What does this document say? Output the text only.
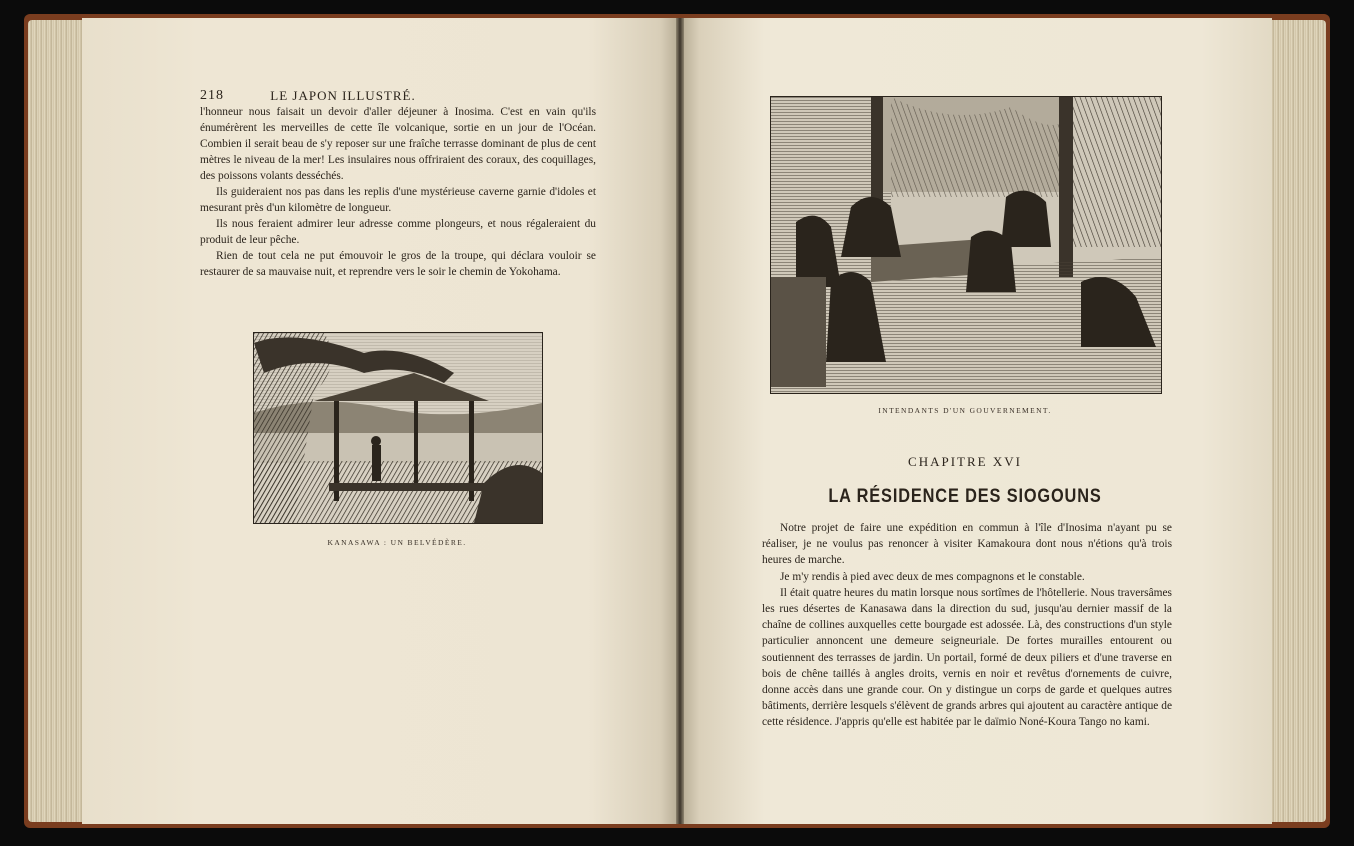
218	LE JAPON ILLUSTRÉ.

l'honneur nous faisait un devoir d'aller déjeuner à Inosima. C'est en vain qu'ils énumérèrent les merveilles de cette île volcanique, sortie en un jour de l'Océan. Combien il serait beau de s'y reposer sur une fraîche terrasse dominant de plus de cent mètres le niveau de la mer! Les insulaires nous offriraient des coraux, des coquillages, des poissons volants desséchés.

Ils guideraient nos pas dans les replis d'une mystérieuse caverne garnie d'idoles et mesurant près d'un kilomètre de longueur.

Ils nous feraient admirer leur adresse comme plongeurs, et nous régaleraient du produit de leur pêche.

Rien de tout cela ne put émouvoir le gros de la troupe, qui déclara vouloir se restaurer de sa mauvaise nuit, et reprendre vers le soir le chemin de Yokohama.

KANASAWA : UN BELVÉDÈRE.
INTENDANTS D'UN GOUVERNEMENT.
CHAPITRE XVI
LA RÉSIDENCE DES SIOGOUNS

Notre projet de faire une expédition en commun à l'île d'Inosima n'ayant pu se réaliser, je ne voulus pas renoncer à visiter Kamakoura dont nous n'étions qu'à trois heures de marche.

Je m'y rendis à pied avec deux de mes compagnons et le constable.

Il était quatre heures du matin lorsque nous sortîmes de l'hôtellerie. Nous traversâmes les rues désertes de Kanasawa dans la direction du sud, jusqu'au dernier massif de la chaîne de collines auxquelles cette bourgade est adossée. Là, des constructions d'un style particulier annoncent une demeure seigneuriale. De fortes murailles entourent ou soutiennent des terrasses de jardin. Un portail, formé de deux piliers et d'une traverse en bois de chêne taillés à angles droits, vernis en noir et revêtus d'ornements de cuivre, donne accès dans une grande cour. On y distingue un corps de garde et quelques autres bâtiments, derrière lesquels s'élèvent de grands arbres qui ajoutent au caractère antique de cette résidence. J'appris qu'elle est habitée par le daïmio Noné-Koura Tango no kami.
